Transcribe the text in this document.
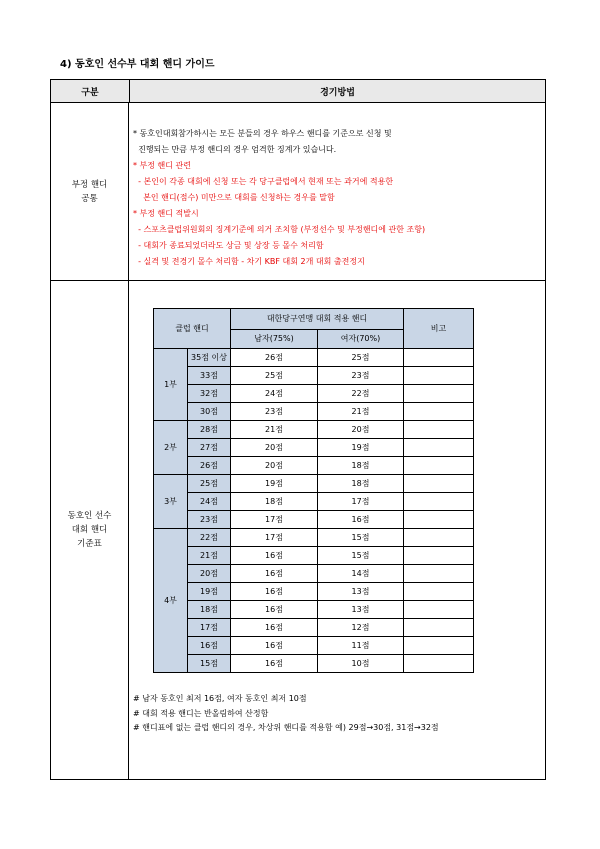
4) 동호인 선수부 대회 핸디 가이드
구분	경기방법
부정 핸디
공통
* 동호인대회참가하시는 모든 분들의 경우 하우스 핸디를 기준으로 신청 및
진행되는 만큼 부정 핸디의 경우 엄격한 징계가 있습니다.
* 부정 핸디 관련
- 본인이 각종 대회에 신청 또는 각 당구클럽에서 현재 또는 과거에 적용한
본인 핸디(점수) 미만으로 대회를 신청하는 경우를 말함
* 부정 핸디 적발시
- 스포츠클럽위원회의 징계기준에 의거 조치함 (부정선수 및 부정핸디에 관한 조항)
- 대회가 종료되었더라도 상금 및 상장 등 몰수 처리함
- 실격 및 전경기 몰수 처리함 - 차기 KBF 대회 2개 대회 출전정지
동호인 선수
대회 핸디
기준표
클럽 핸디		대한당구연맹 대회 적용 핸디		비고
		남자(75%)	여자(70%)	
1부	35점 이상	26점	25점	
	33점	25점	23점	
	32점	24점	22점	
	30점	23점	21점	
2부	28점	21점	20점	
	27점	20점	19점	
	26점	20점	18점	
3부	25점	19점	18점	
	24점	18점	17점	
	23점	17점	16점	
4부	22점	17점	15점	
	21점	16점	15점	
	20점	16점	14점	
	19점	16점	13점	
	18점	16점	13점	
	17점	16점	12점	
	16점	16점	11점	
	15점	16점	10점	
# 남자 동호인 최저 16점, 여자 동호인 최저 10점
# 대회 적용 핸디는 반올림하여 산정함
# 핸디표에 없는 클럽 핸디의 경우, 차상위 핸디를 적용함 예) 29점→30점, 31점→32점
